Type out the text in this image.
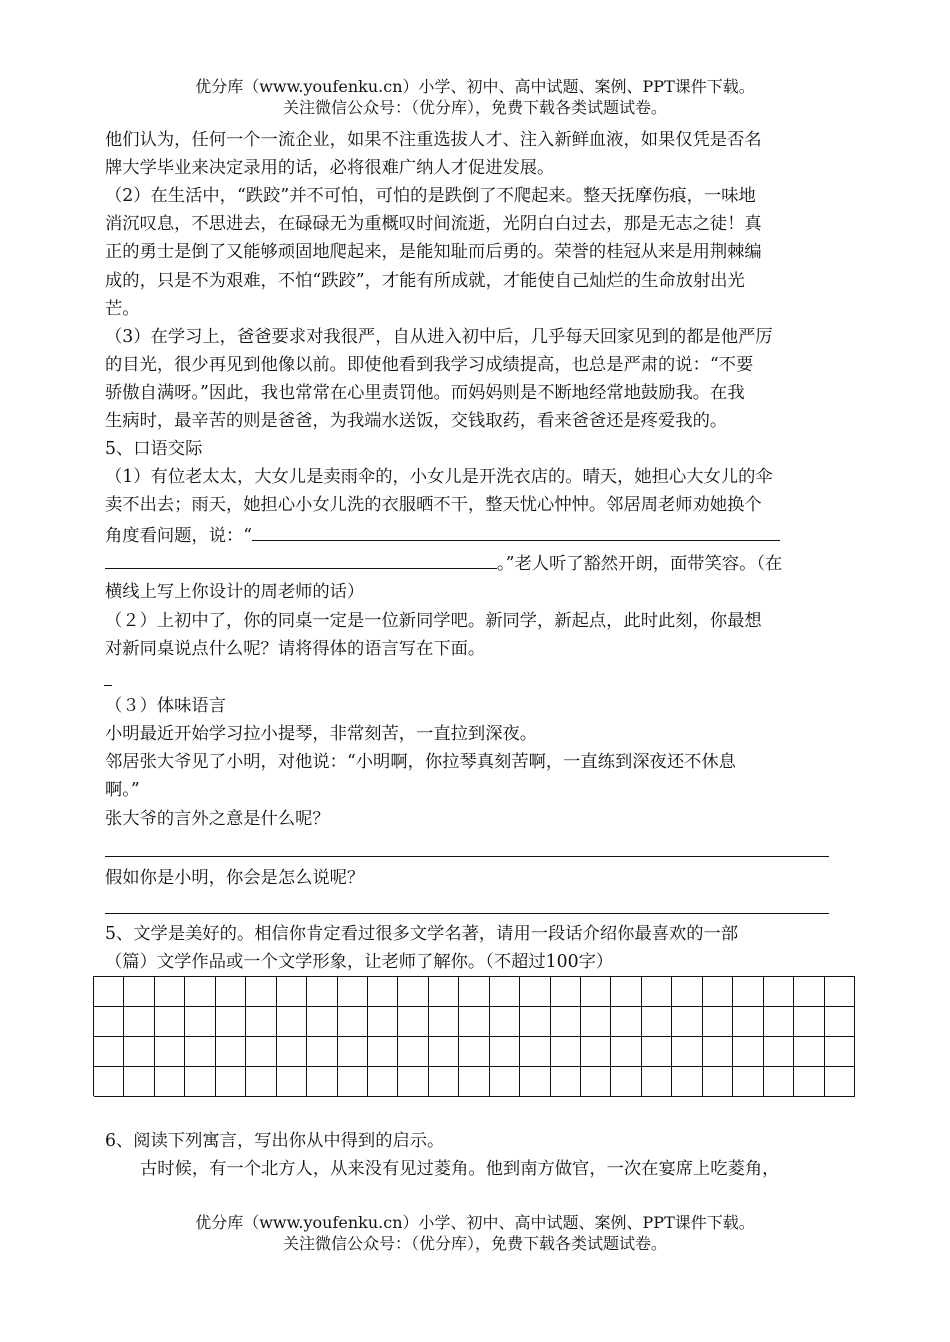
优分库（www.youfenku.cn）小学、初中、高中试题、案例、PPT课件下载。
关注微信公众号：（优分库），免费下载各类试题试卷。
他们认为，任何一个一流企业，如果不注重选拔人才、注入新鲜血液，如果仅凭是否名
牌大学毕业来决定录用的话，必将很难广纳人才促进发展。
（2）在生活中，“跌跤”并不可怕，可怕的是跌倒了不爬起来。整天抚摩伤痕，一味地
消沉叹息，不思进去，在碌碌无为重概叹时间流逝，光阴白白过去，那是无志之徒！真
正的勇士是倒了又能够顽固地爬起来，是能知耻而后勇的。荣誉的桂冠从来是用荆棘编
成的，只是不为艰难，不怕“跌跤”，才能有所成就，才能使自己灿烂的生命放射出光
芒。
（3）在学习上，爸爸要求对我很严，自从进入初中后，几乎每天回家见到的都是他严厉
的目光，很少再见到他像以前。即使他看到我学习成绩提高，也总是严肃的说：“不要
骄傲自满呀。”因此，我也常常在心里责罚他。而妈妈则是不断地经常地鼓励我。在我
生病时，最辛苦的则是爸爸，为我端水送饭，交钱取药，看来爸爸还是疼爱我的。
5、口语交际
（1）有位老太太，大女儿是卖雨伞的，小女儿是开洗衣店的。晴天，她担心大女儿的伞
卖不出去；雨天，她担心小女儿洗的衣服晒不干，整天忧心忡忡。邻居周老师劝她换个
角度看问题，说：“
。”老人听了豁然开朗，面带笑容。（在
横线上写上你设计的周老师的话）
（２）上初中了，你的同桌一定是一位新同学吧。新同学，新起点，此时此刻，你最想
对新同桌说点什么呢？请将得体的语言写在下面。
（３）体味语言
小明最近开始学习拉小提琴，非常刻苦，一直拉到深夜。
邻居张大爷见了小明，对他说：“小明啊，你拉琴真刻苦啊，一直练到深夜还不休息
啊。”
张大爷的言外之意是什么呢？
假如你是小明，你会是怎么说呢？
5、文学是美好的。相信你肯定看过很多文学名著，请用一段话介绍你最喜欢的一部
（篇）文学作品或一个文学形象，让老师了解你。（不超过100字）
6、阅读下列寓言，写出你从中得到的启示。
古时候，有一个北方人，从来没有见过菱角。他到南方做官，一次在宴席上吃菱角，
优分库（www.youfenku.cn）小学、初中、高中试题、案例、PPT课件下载。
关注微信公众号：（优分库），免费下载各类试题试卷。
